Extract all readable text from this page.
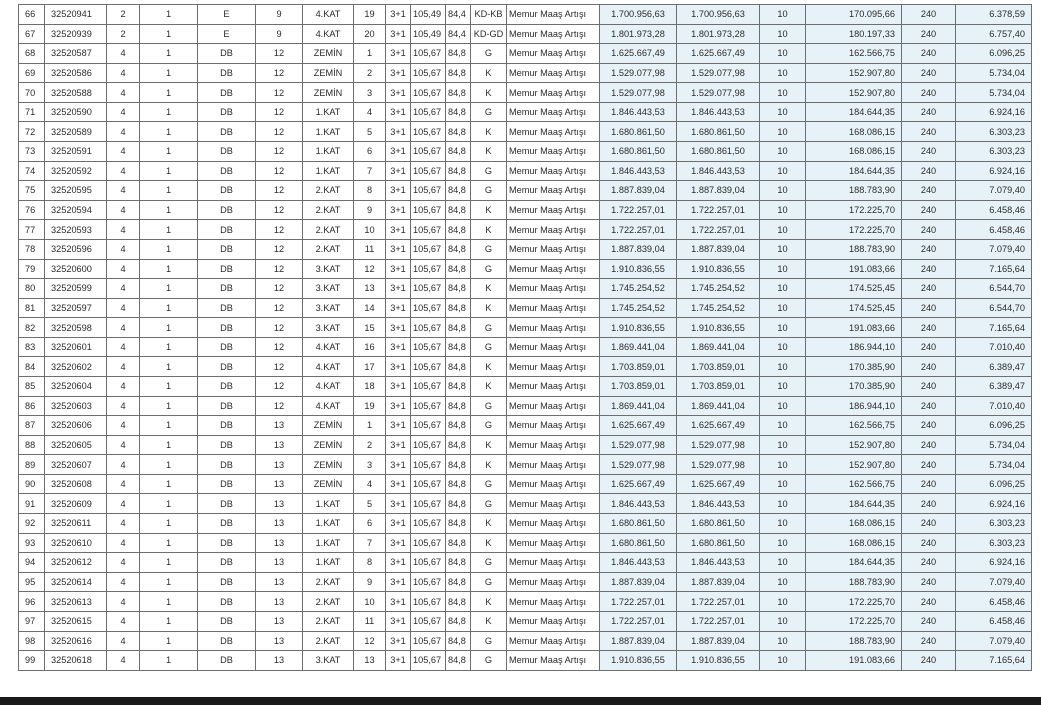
66	32520941	2	1	E	9	4.KAT	19	3+1	105,49	84,4	KD-KB	Memur Maaş Artışı	1.700.956,63	1.700.956,63	10	170.095,66	240	6.378,59
67	32520939	2	1	E	9	4.KAT	20	3+1	105,49	84,4	KD-GD	Memur Maaş Artışı	1.801.973,28	1.801.973,28	10	180.197,33	240	6.757,40
68	32520587	4	1	DB	12	ZEMİN	1	3+1	105,67	84,8	G	Memur Maaş Artışı	1.625.667,49	1.625.667,49	10	162.566,75	240	6.096,25
69	32520586	4	1	DB	12	ZEMİN	2	3+1	105,67	84,8	K	Memur Maaş Artışı	1.529.077,98	1.529.077,98	10	152.907,80	240	5.734,04
70	32520588	4	1	DB	12	ZEMİN	3	3+1	105,67	84,8	K	Memur Maaş Artışı	1.529.077,98	1.529.077,98	10	152.907,80	240	5.734,04
71	32520590	4	1	DB	12	1.KAT	4	3+1	105,67	84,8	G	Memur Maaş Artışı	1.846.443,53	1.846.443,53	10	184.644,35	240	6.924,16
72	32520589	4	1	DB	12	1.KAT	5	3+1	105,67	84,8	K	Memur Maaş Artışı	1.680.861,50	1.680.861,50	10	168.086,15	240	6.303,23
73	32520591	4	1	DB	12	1.KAT	6	3+1	105,67	84,8	K	Memur Maaş Artışı	1.680.861,50	1.680.861,50	10	168.086,15	240	6.303,23
74	32520592	4	1	DB	12	1.KAT	7	3+1	105,67	84,8	G	Memur Maaş Artışı	1.846.443,53	1.846.443,53	10	184.644,35	240	6.924,16
75	32520595	4	1	DB	12	2.KAT	8	3+1	105,67	84,8	G	Memur Maaş Artışı	1.887.839,04	1.887.839,04	10	188.783,90	240	7.079,40
76	32520594	4	1	DB	12	2.KAT	9	3+1	105,67	84,8	K	Memur Maaş Artışı	1.722.257,01	1.722.257,01	10	172.225,70	240	6.458,46
77	32520593	4	1	DB	12	2.KAT	10	3+1	105,67	84,8	K	Memur Maaş Artışı	1.722.257,01	1.722.257,01	10	172.225,70	240	6.458,46
78	32520596	4	1	DB	12	2.KAT	11	3+1	105,67	84,8	G	Memur Maaş Artışı	1.887.839,04	1.887.839,04	10	188.783,90	240	7.079,40
79	32520600	4	1	DB	12	3.KAT	12	3+1	105,67	84,8	G	Memur Maaş Artışı	1.910.836,55	1.910.836,55	10	191.083,66	240	7.165,64
80	32520599	4	1	DB	12	3.KAT	13	3+1	105,67	84,8	K	Memur Maaş Artışı	1.745.254,52	1.745.254,52	10	174.525,45	240	6.544,70
81	32520597	4	1	DB	12	3.KAT	14	3+1	105,67	84,8	K	Memur Maaş Artışı	1.745.254,52	1.745.254,52	10	174.525,45	240	6.544,70
82	32520598	4	1	DB	12	3.KAT	15	3+1	105,67	84,8	G	Memur Maaş Artışı	1.910.836,55	1.910.836,55	10	191.083,66	240	7.165,64
83	32520601	4	1	DB	12	4.KAT	16	3+1	105,67	84,8	G	Memur Maaş Artışı	1.869.441,04	1.869.441,04	10	186.944,10	240	7.010,40
84	32520602	4	1	DB	12	4.KAT	17	3+1	105,67	84,8	K	Memur Maaş Artışı	1.703.859,01	1.703.859,01	10	170.385,90	240	6.389,47
85	32520604	4	1	DB	12	4.KAT	18	3+1	105,67	84,8	K	Memur Maaş Artışı	1.703.859,01	1.703.859,01	10	170.385,90	240	6.389,47
86	32520603	4	1	DB	12	4.KAT	19	3+1	105,67	84,8	G	Memur Maaş Artışı	1.869.441,04	1.869.441,04	10	186.944,10	240	7.010,40
87	32520606	4	1	DB	13	ZEMİN	1	3+1	105,67	84,8	G	Memur Maaş Artışı	1.625.667,49	1.625.667,49	10	162.566,75	240	6.096,25
88	32520605	4	1	DB	13	ZEMİN	2	3+1	105,67	84,8	K	Memur Maaş Artışı	1.529.077,98	1.529.077,98	10	152.907,80	240	5.734,04
89	32520607	4	1	DB	13	ZEMİN	3	3+1	105,67	84,8	K	Memur Maaş Artışı	1.529.077,98	1.529.077,98	10	152.907,80	240	5.734,04
90	32520608	4	1	DB	13	ZEMİN	4	3+1	105,67	84,8	G	Memur Maaş Artışı	1.625.667,49	1.625.667,49	10	162.566,75	240	6.096,25
91	32520609	4	1	DB	13	1.KAT	5	3+1	105,67	84,8	G	Memur Maaş Artışı	1.846.443,53	1.846.443,53	10	184.644,35	240	6.924,16
92	32520611	4	1	DB	13	1.KAT	6	3+1	105,67	84,8	K	Memur Maaş Artışı	1.680.861,50	1.680.861,50	10	168.086,15	240	6.303,23
93	32520610	4	1	DB	13	1.KAT	7	3+1	105,67	84,8	K	Memur Maaş Artışı	1.680.861,50	1.680.861,50	10	168.086,15	240	6.303,23
94	32520612	4	1	DB	13	1.KAT	8	3+1	105,67	84,8	G	Memur Maaş Artışı	1.846.443,53	1.846.443,53	10	184.644,35	240	6.924,16
95	32520614	4	1	DB	13	2.KAT	9	3+1	105,67	84,8	G	Memur Maaş Artışı	1.887.839,04	1.887.839,04	10	188.783,90	240	7.079,40
96	32520613	4	1	DB	13	2.KAT	10	3+1	105,67	84,8	K	Memur Maaş Artışı	1.722.257,01	1.722.257,01	10	172.225,70	240	6.458,46
97	32520615	4	1	DB	13	2.KAT	11	3+1	105,67	84,8	K	Memur Maaş Artışı	1.722.257,01	1.722.257,01	10	172.225,70	240	6.458,46
98	32520616	4	1	DB	13	2.KAT	12	3+1	105,67	84,8	G	Memur Maaş Artışı	1.887.839,04	1.887.839,04	10	188.783,90	240	7.079,40
99	32520618	4	1	DB	13	3.KAT	13	3+1	105,67	84,8	G	Memur Maaş Artışı	1.910.836,55	1.910.836,55	10	191.083,66	240	7.165,64
